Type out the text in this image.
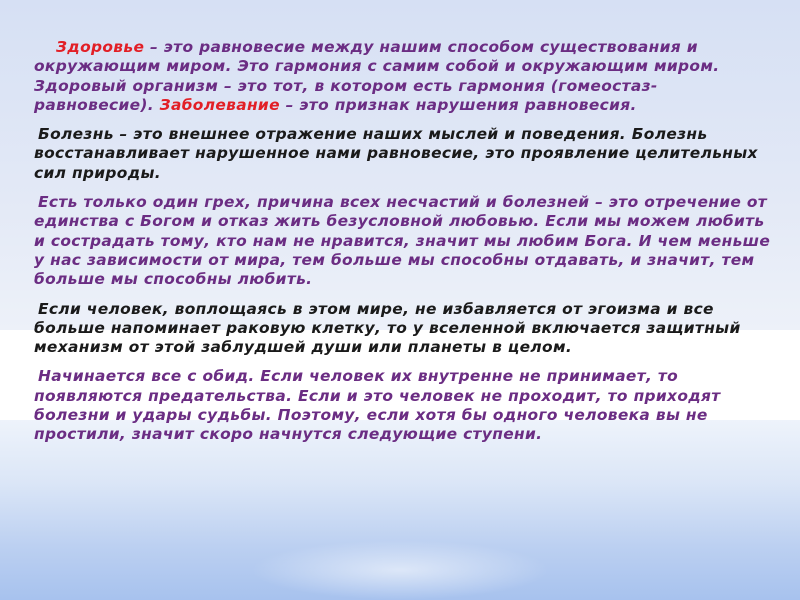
Здоровье – это равновесие между нашим способом существования и окружающим миром. Это гармония с самим собой и окружающим миром. Здоровый организм – это тот, в котором есть гармония (гомеостаз-равновесие). Заболевание – это признак нарушения равновесия.

Болезнь – это внешнее отражение наших мыслей и поведения. Болезнь восстанавливает нарушенное нами равновесие, это проявление целительных сил природы.

Есть только один грех, причина всех несчастий и болезней – это отречение от единства с Богом и отказ жить безусловной любовью. Если мы можем любить и сострадать тому, кто нам не нравится, значит мы любим Бога. И чем меньше у нас зависимости от мира, тем больше мы способны отдавать, и значит, тем больше мы способны любить.

Если человек, воплощаясь в этом мире, не избавляется от эгоизма и все больше напоминает раковую клетку, то у вселенной включается защитный механизм от этой заблудшей души или планеты в целом.

Начинается все с обид. Если человек их внутренне не принимает, то появляются предательства. Если и это человек не проходит, то приходят болезни и удары судьбы. Поэтому, если хотя бы одного человека вы не простили, значит скоро начнутся следующие ступени.
